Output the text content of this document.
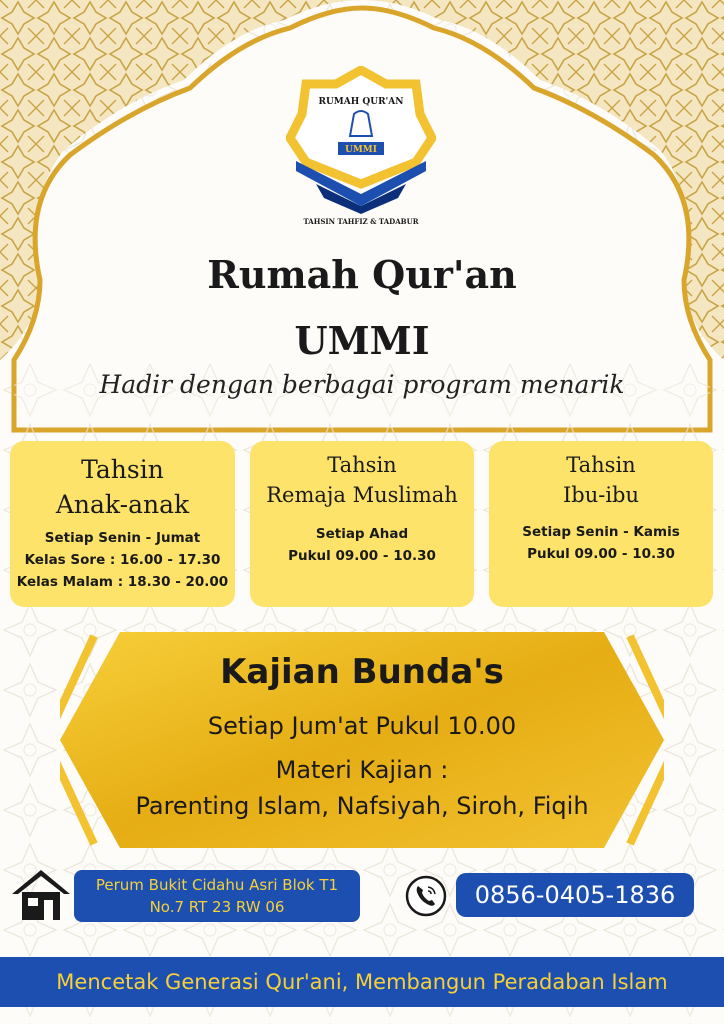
RUMAH QUR'AN
UMMI
TAHSIN TAHFIZ & TADABUR
Rumah Qur'an
UMMI
Hadir dengan berbagai program menarik
Tahsin
Anak-anak
Setiap Senin - Jumat
Kelas Sore : 16.00 - 17.30
Kelas Malam : 18.30 - 20.00
Tahsin
Remaja Muslimah
Setiap Ahad
Pukul 09.00 - 10.30
Tahsin
Ibu-ibu
Setiap Senin - Kamis
Pukul 09.00 - 10.30
Kajian Bunda's
Setiap Jum'at Pukul 10.00
Materi Kajian :
Parenting Islam, Nafsiyah, Siroh, Fiqih
Perum Bukit Cidahu Asri Blok T1
No.7 RT 23 RW 06	0856-0405-1836
Mencetak Generasi Qur'ani, Membangun Peradaban Islam
